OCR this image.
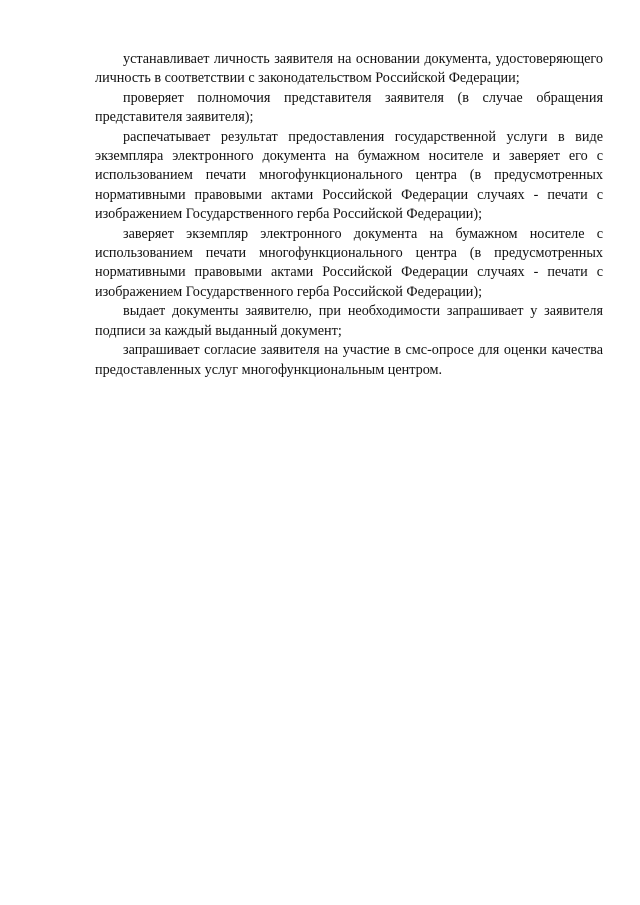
устанавливает личность заявителя на основании документа, удостоверяющего личность в соответствии с законодательством Российской Федерации;

проверяет полномочия представителя заявителя (в случае обращения представителя заявителя);

распечатывает результат предоставления государственной услуги в виде экземпляра электронного документа на бумажном носителе и заверяет его с использованием печати многофункционального центра (в предусмотренных нормативными правовыми актами Российской Федерации случаях - печати с изображением Государственного герба Российской Федерации);

заверяет экземпляр электронного документа на бумажном носителе с использованием печати многофункционального центра (в предусмотренных нормативными правовыми актами Российской Федерации случаях - печати с изображением Государственного герба Российской Федерации);

выдает документы заявителю, при необходимости запрашивает у заявителя подписи за каждый выданный документ;

запрашивает согласие заявителя на участие в смс-опросе для оценки качества предоставленных услуг многофункциональным центром.
